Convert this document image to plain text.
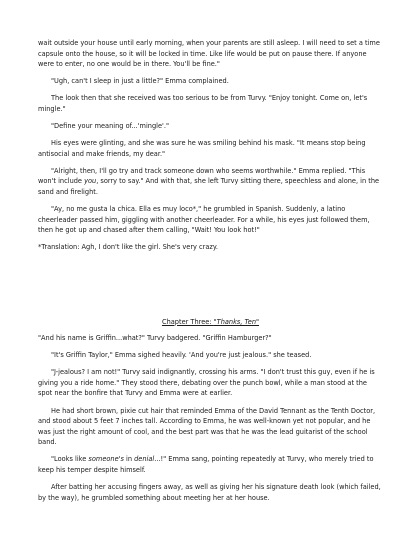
wait outside your house until early morning, when your parents are still asleep. I will need to set a time capsule onto the house, so it will be locked in time. Like life would be put on pause there. If anyone were to enter, no one would be in there. You'll be fine."

"Ugh, can't I sleep in just a little?" Emma complained.

The look then that she received was too serious to be from Turvy. "Enjoy tonight. Come on, let's mingle."

"Define your meaning of...'mingle'."

His eyes were glinting, and she was sure he was smiling behind his mask. "It means stop being antisocial and make friends, my dear."

"Alright, then, I'll go try and track someone down who seems worthwhile." Emma replied. "This won't include you, sorry to say." And with that, she left Turvy sitting there, speechless and alone, in the sand and firelight.

"Ay, no me gusta la chica. Ella es muy loco*," he grumbled in Spanish. Suddenly, a latino cheerleader passed him, giggling with another cheerleader. For a while, his eyes just followed them, then he got up and chased after them calling, "Wait! You look hot!"

*Translation: Agh, I don't like the girl. She's very crazy.

Chapter Three: "Thanks, Ten"

"And his name is Griffin...what?" Turvy badgered. "Griffin Hamburger?"

"It's Griffin Taylor," Emma sighed heavily. 'And you're just jealous." she teased.

"J-jealous? I am not!" Turvy said indignantly, crossing his arms. "I don't trust this guy, even if he is giving you a ride home." They stood there, debating over the punch bowl, while a man stood at the spot near the bonfire that Turvy and Emma were at earlier.

He had short brown, pixie cut hair that reminded Emma of the David Tennant as the Tenth Doctor, and stood about 5 feet 7 inches tall. According to Emma, he was well-known yet not popular, and he was just the right amount of cool, and the best part was that he was the lead guitarist of the school band.

"Looks like someone's in denial...!" Emma sang, pointing repeatedly at Turvy, who merely tried to keep his temper despite himself.

After batting her accusing fingers away, as well as giving her his signature death look (which failed, by the way), he grumbled something about meeting her at her house.
